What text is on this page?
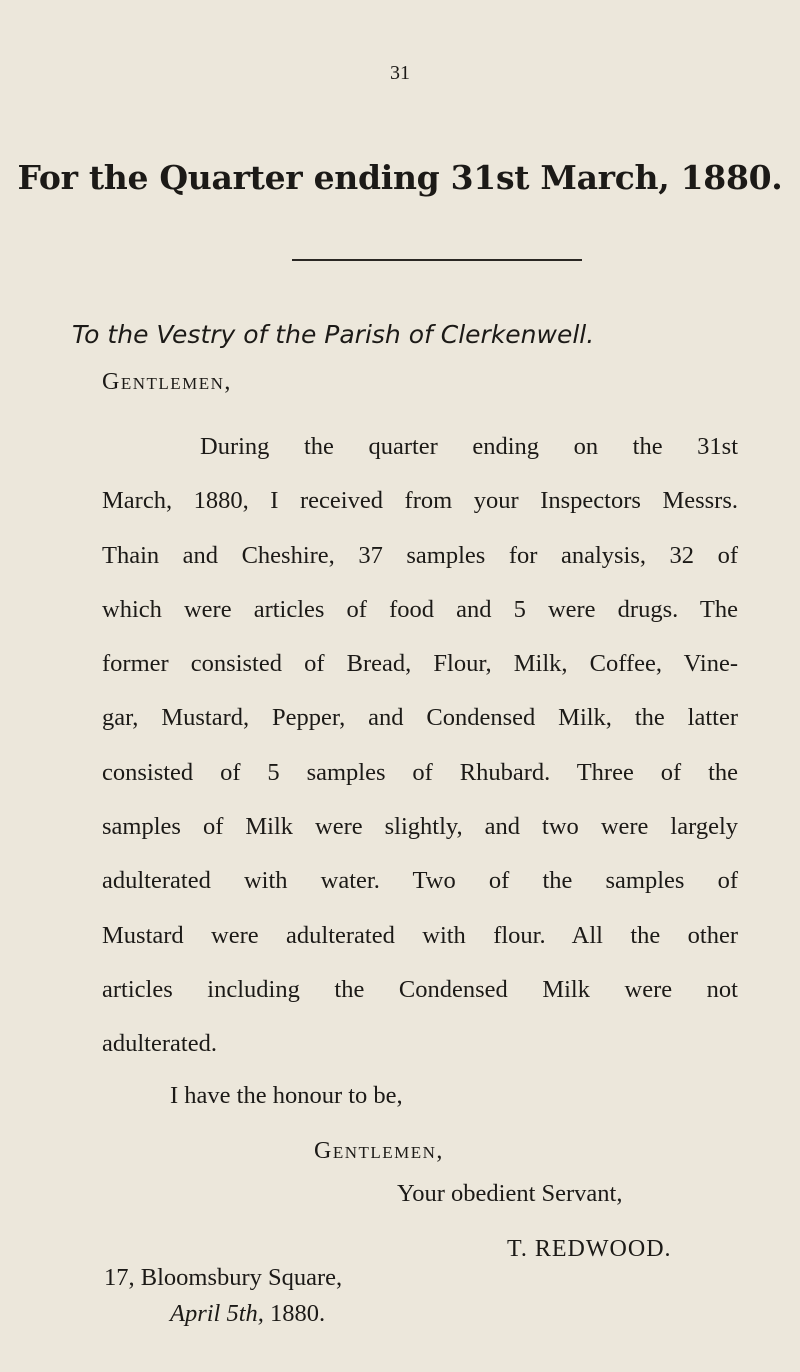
31
For the Quarter ending 31st March, 1880.
To the Vestry of the Parish of Clerkenwell.
Gentlemen,
During the quarter ending on the 31st
March, 1880, I received from your Inspectors Messrs.
Thain and Cheshire, 37 samples for analysis, 32 of
which were articles of food and 5 were drugs. The
former consisted of Bread, Flour, Milk, Coffee, Vine-
gar, Mustard, Pepper, and Condensed Milk, the latter
consisted of 5 samples of Rhubard. Three of the
samples of Milk were slightly, and two were largely
adulterated with water. Two of the samples of
Mustard were adulterated with flour. All the other
articles including the Condensed Milk were not
adulterated.
I have the honour to be,
Gentlemen,
Your obedient Servant,
T. REDWOOD.
17, Bloomsbury Square,
April 5th, 1880.
